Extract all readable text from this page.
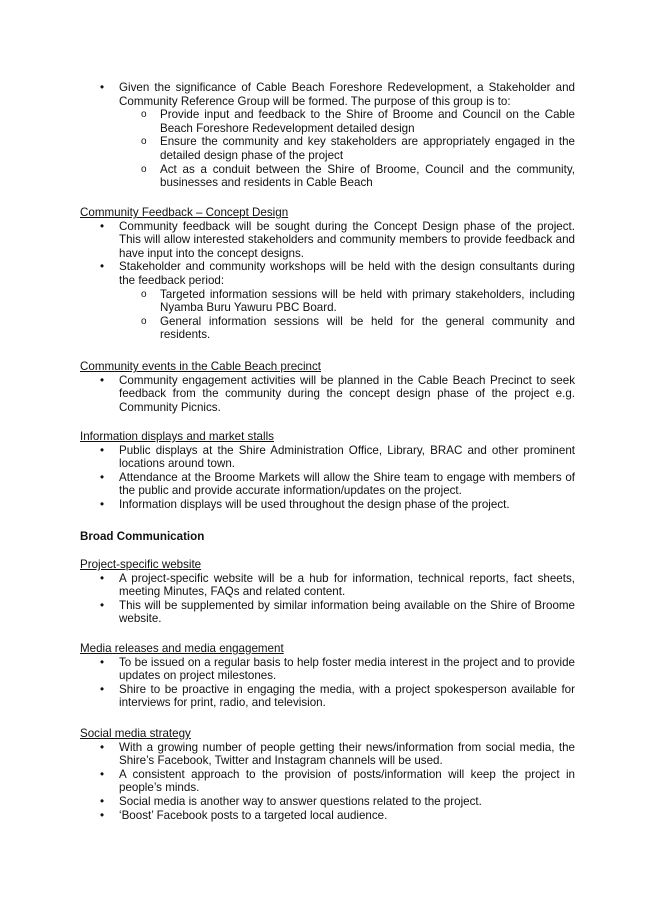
• Given the significance of Cable Beach Foreshore Redevelopment, a Stakeholder and Community Reference Group will be formed. The purpose of this group is to:
o Provide input and feedback to the Shire of Broome and Council on the Cable Beach Foreshore Redevelopment detailed design
o Ensure the community and key stakeholders are appropriately engaged in the detailed design phase of the project
o Act as a conduit between the Shire of Broome, Council and the community, businesses and residents in Cable Beach
Community Feedback – Concept Design
• Community feedback will be sought during the Concept Design phase of the project. This will allow interested stakeholders and community members to provide feedback and have input into the concept designs.
• Stakeholder and community workshops will be held with the design consultants during the feedback period:
o Targeted information sessions will be held with primary stakeholders, including Nyamba Buru Yawuru PBC Board.
o General information sessions will be held for the general community and residents.
Community events in the Cable Beach precinct
• Community engagement activities will be planned in the Cable Beach Precinct to seek feedback from the community during the concept design phase of the project e.g. Community Picnics.
Information displays and market stalls
• Public displays at the Shire Administration Office, Library, BRAC and other prominent locations around town.
• Attendance at the Broome Markets will allow the Shire team to engage with members of the public and provide accurate information/updates on the project.
• Information displays will be used throughout the design phase of the project.
Broad Communication
Project-specific website
• A project-specific website will be a hub for information, technical reports, fact sheets, meeting Minutes, FAQs and related content.
• This will be supplemented by similar information being available on the Shire of Broome website.
Media releases and media engagement
• To be issued on a regular basis to help foster media interest in the project and to provide updates on project milestones.
• Shire to be proactive in engaging the media, with a project spokesperson available for interviews for print, radio, and television.
Social media strategy
• With a growing number of people getting their news/information from social media, the Shire’s Facebook, Twitter and Instagram channels will be used.
• A consistent approach to the provision of posts/information will keep the project in people’s minds.
• Social media is another way to answer questions related to the project.
• ‘Boost’ Facebook posts to a targeted local audience.
